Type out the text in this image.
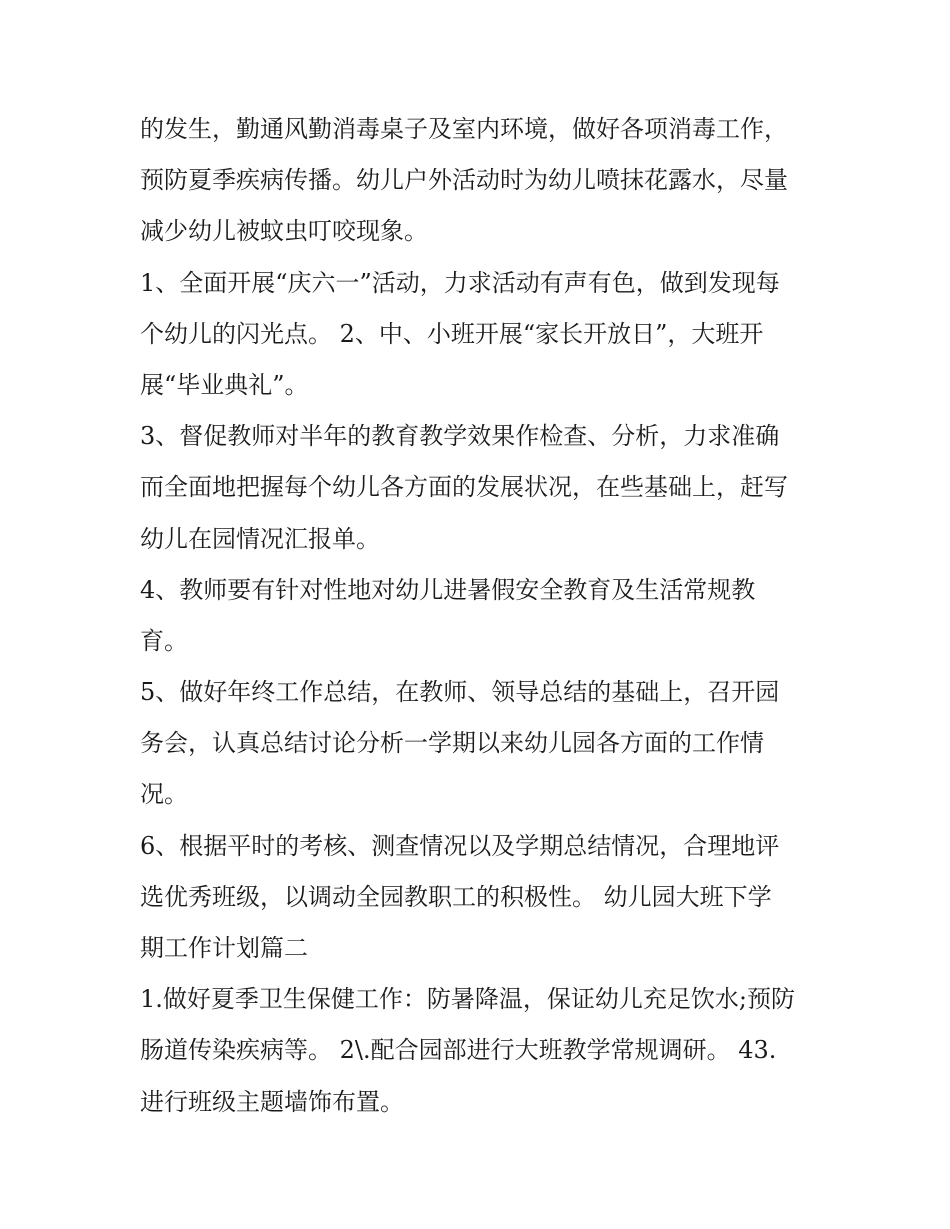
的发生，勤通风勤消毒桌子及室内环境，做好各项消毒工作，
预防夏季疾病传播。幼儿户外活动时为幼儿喷抹花露水，尽量
减少幼儿被蚊虫叮咬现象。
1、全面开展“庆六一”活动，力求活动有声有色，做到发现每
个幼儿的闪光点。 2、中、小班开展“家长开放日”，大班开
展“毕业典礼”。
3、督促教师对半年的教育教学效果作检查、分析，力求准确
而全面地把握每个幼儿各方面的发展状况，在些基础上，赶写
幼儿在园情况汇报单。
4、教师要有针对性地对幼儿进暑假安全教育及生活常规教
育。
5、做好年终工作总结，在教师、领导总结的基础上，召开园
务会，认真总结讨论分析一学期以来幼儿园各方面的工作情
况。
6、根据平时的考核、测查情况以及学期总结情况，合理地评
选优秀班级，以调动全园教职工的积极性。 幼儿园大班下学
期工作计划篇二
1.做好夏季卫生保健工作：防暑降温，保证幼儿充足饮水;预防
肠道传染疾病等。 2\.配合园部进行大班教学常规调研。 43.
进行班级主题墙饰布置。
